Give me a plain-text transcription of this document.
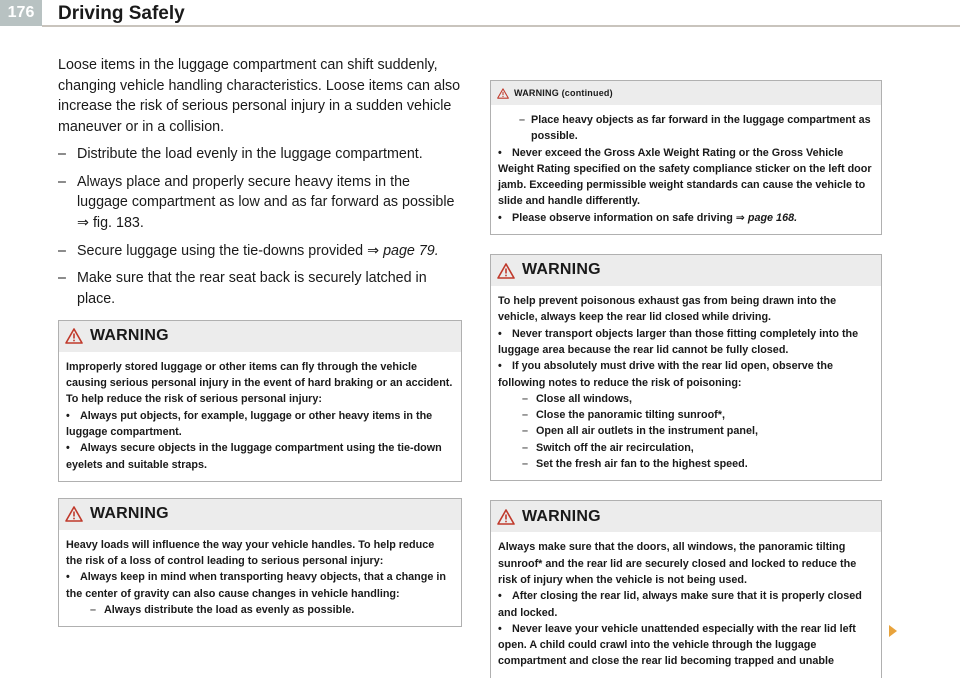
176	Driving Safely

Loose items in the luggage compartment can shift suddenly, changing vehicle handling characteristics. Loose items can also increase the risk of serious personal injury in a sudden vehicle maneuver or in a collision.

– Distribute the load evenly in the luggage compartment.
– Always place and properly secure heavy items in the luggage compartment as low and as far forward as possible ⇒ fig. 183.
– Secure luggage using the tie-downs provided ⇒ page 79.
– Make sure that the rear seat back is securely latched in place.
WARNING

Improperly stored luggage or other items can fly through the vehicle causing serious personal injury in the event of hard braking or an accident. To help reduce the risk of serious personal injury:

• Always put objects, for example, luggage or other heavy items in the luggage compartment.

• Always secure objects in the luggage compartment using the tie-down eyelets and suitable straps.

WARNING

Heavy loads will influence the way your vehicle handles. To help reduce the risk of a loss of control leading to serious personal injury:

• Always keep in mind when transporting heavy objects, that a change in the center of gravity can also cause changes in vehicle handling:

– Always distribute the load as evenly as possible.

WARNING (continued)

– Place heavy objects as far forward in the luggage compartment as possible.

• Never exceed the Gross Axle Weight Rating or the Gross Vehicle Weight Rating specified on the safety compliance sticker on the left door jamb. Exceeding permissible weight standards can cause the vehicle to slide and handle differently.

• Please observe information on safe driving ⇒ page 168.

WARNING

To help prevent poisonous exhaust gas from being drawn into the vehicle, always keep the rear lid closed while driving.

• Never transport objects larger than those fitting completely into the luggage area because the rear lid cannot be fully closed.

• If you absolutely must drive with the rear lid open, observe the following notes to reduce the risk of poisoning:

– Close all windows,

– Close the panoramic tilting sunroof*,

– Open all air outlets in the instrument panel,

– Switch off the air recirculation,

– Set the fresh air fan to the highest speed.

WARNING

Always make sure that the doors, all windows, the panoramic tilting sunroof* and the rear lid are securely closed and locked to reduce the risk of injury when the vehicle is not being used.

• After closing the rear lid, always make sure that it is properly closed and locked.

• Never leave your vehicle unattended especially with the rear lid left open. A child could crawl into the vehicle through the luggage compartment and close the rear lid becoming trapped and unable
